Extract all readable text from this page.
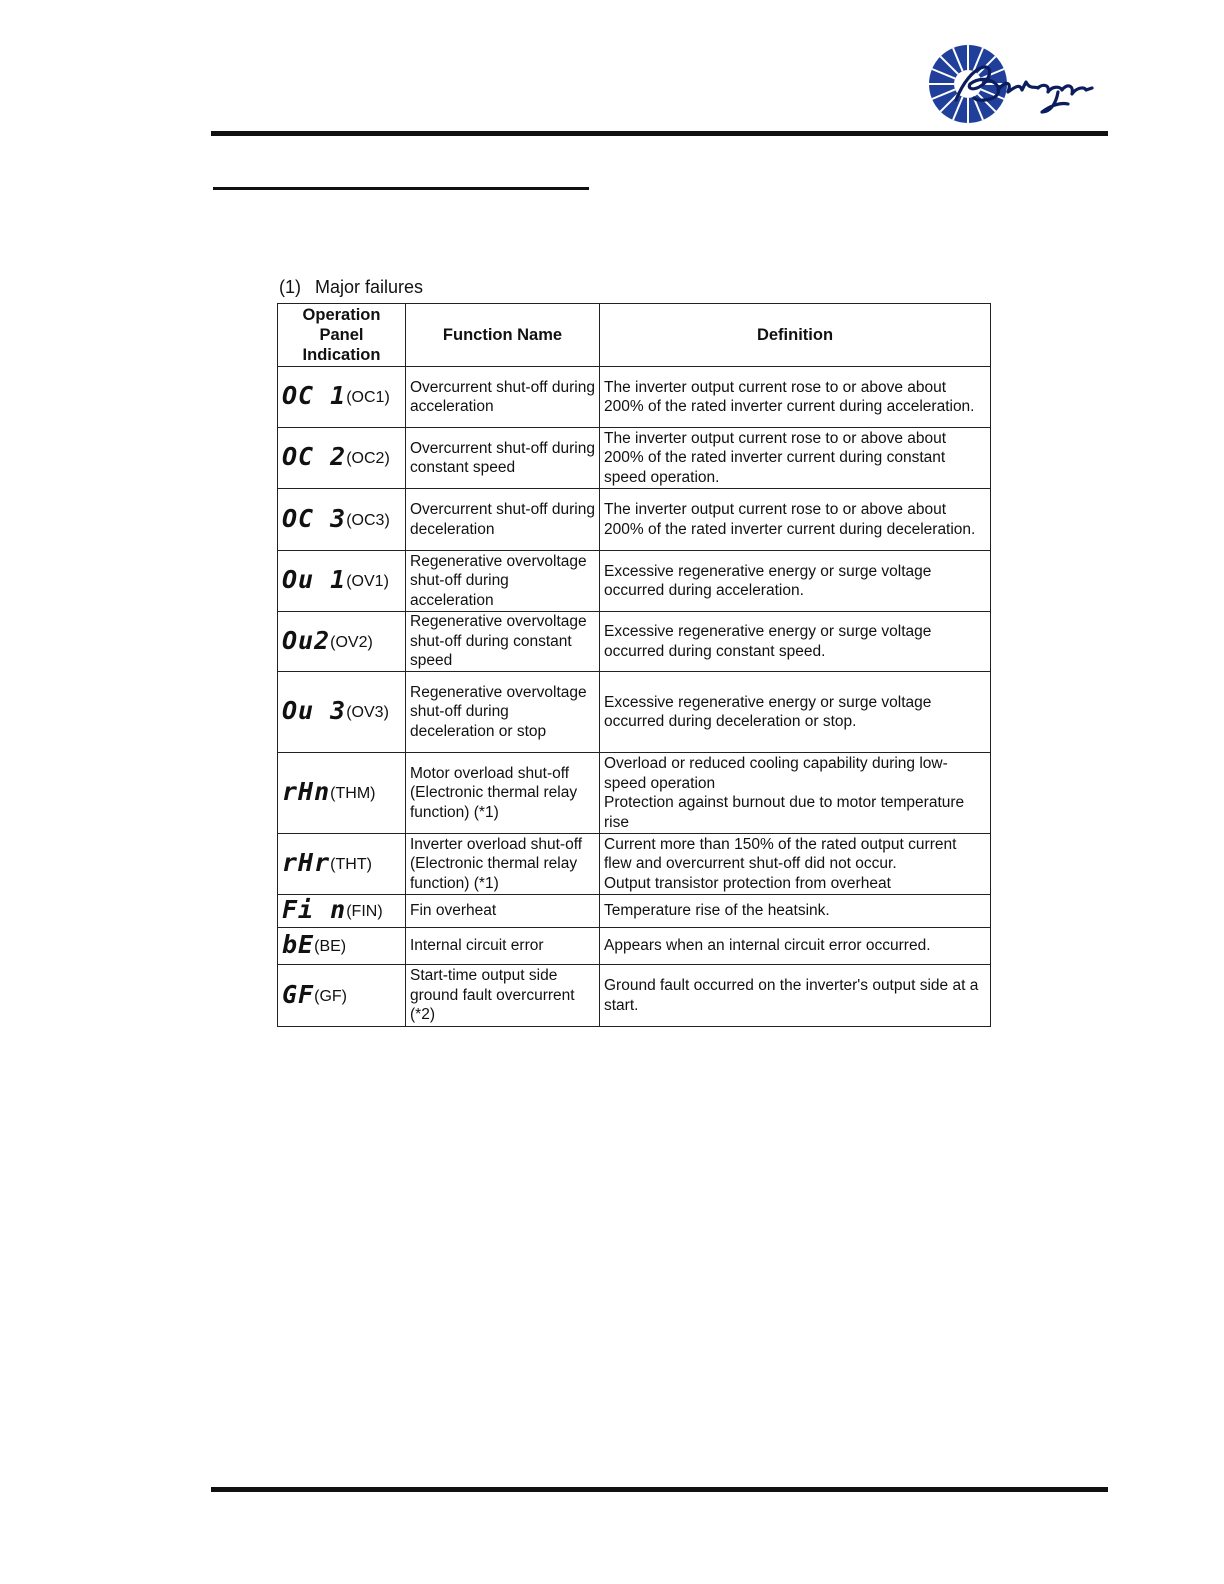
(1) Major failures
Operation Panel Indication	Function Name	Definition
OC 1(OC1)	Overcurrent shut-off during acceleration	The inverter output current rose to or above about 200% of the rated inverter current during acceleration.
OC 2(OC2)	Overcurrent shut-off during constant speed	The inverter output current rose to or above about 200% of the rated inverter current during constant speed operation.
OC 3(OC3)	Overcurrent shut-off during deceleration	The inverter output current rose to or above about 200% of the rated inverter current during deceleration.
Ou 1(OV1)	Regenerative overvoltage shut-off during acceleration	Excessive regenerative energy or surge voltage occurred during acceleration.
Ou2(OV2)	Regenerative overvoltage shut-off during constant speed	Excessive regenerative energy or surge voltage occurred during constant speed.
Ou 3(OV3)	Regenerative overvoltage shut-off during deceleration or stop	Excessive regenerative energy or surge voltage occurred during deceleration or stop.
rHn(THM)	Motor overload shut-off (Electronic thermal relay function) (*1)	Overload or reduced cooling capability during low-speed operation
Protection against burnout due to motor temperature rise
rHr(THT)	Inverter overload shut-off (Electronic thermal relay function) (*1)	Current more than 150% of the rated output current flew and overcurrent shut-off did not occur.
Output transistor protection from overheat
Fi n(FIN)	Fin overheat	Temperature rise of the heatsink.
bE(BE)	Internal circuit error	Appears when an internal circuit error occurred.
GF(GF)	Start-time output side ground fault overcurrent (*2)	Ground fault occurred on the inverter's output side at a start.
